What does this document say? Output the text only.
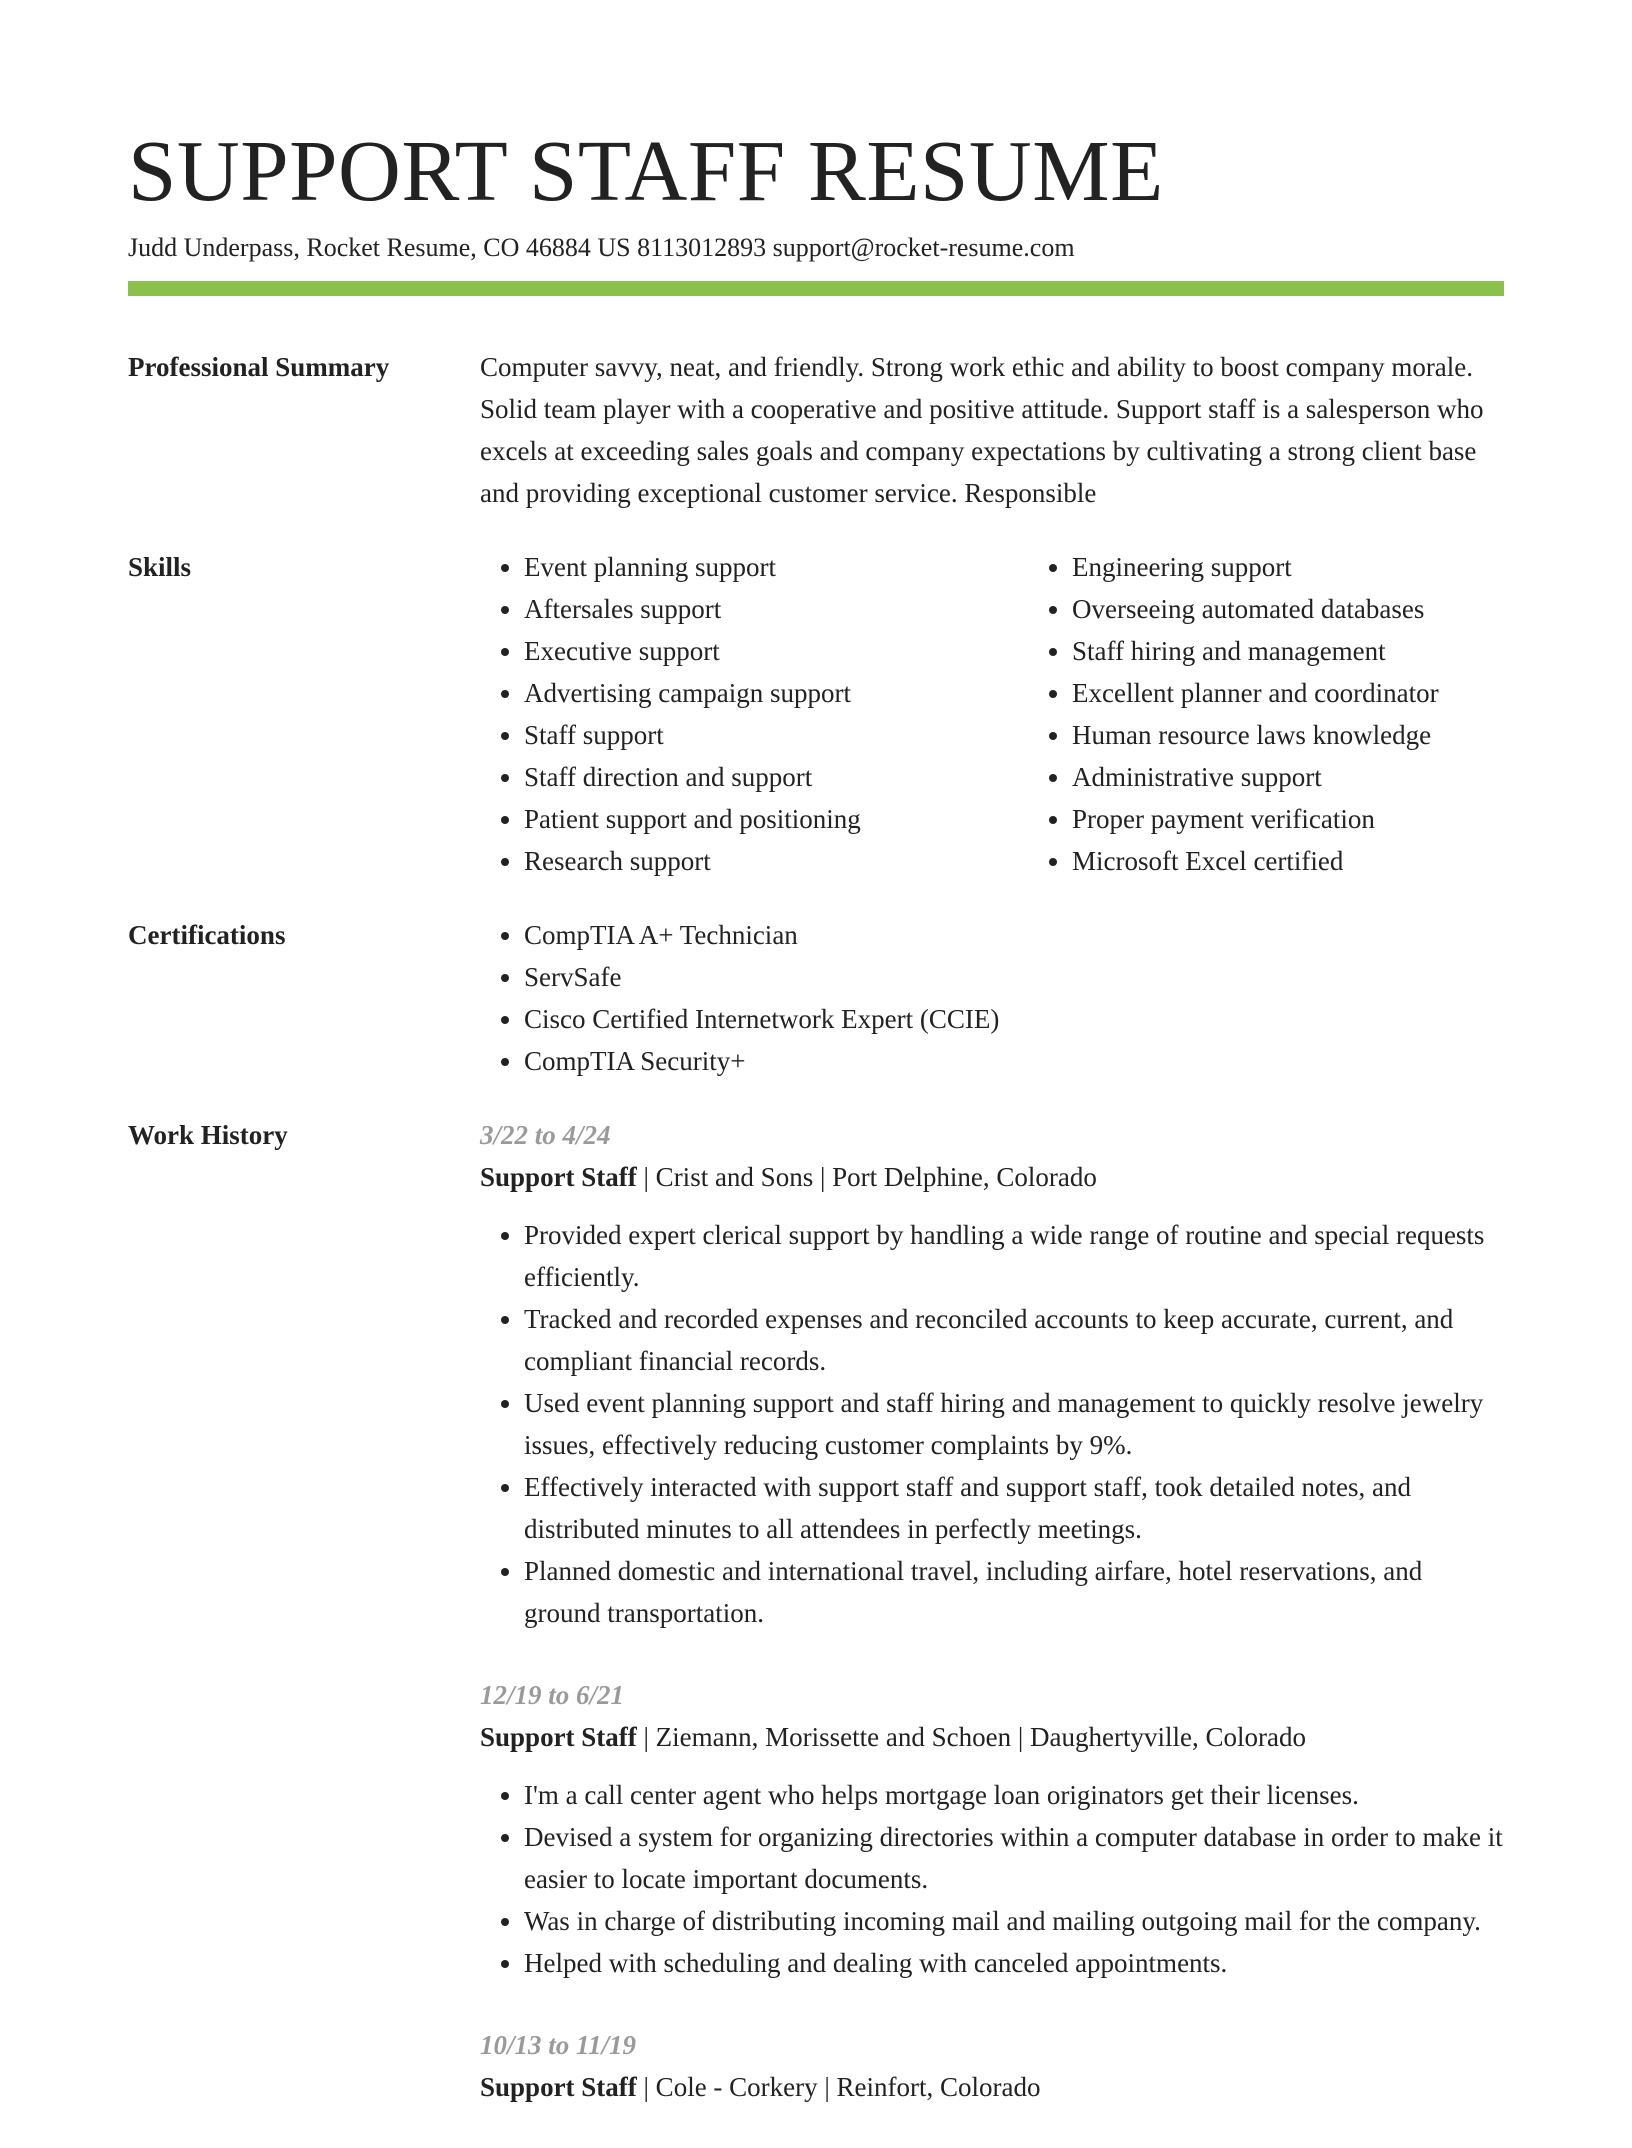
SUPPORT STAFF RESUME
Judd Underpass, Rocket Resume, CO 46884 US 8113012893 support@rocket-resume.com
Professional Summary	Computer savvy, neat, and friendly. Strong work ethic and ability to boost company morale. Solid team player with a cooperative and positive attitude. Support staff is a salesperson who excels at exceeding sales goals and company expectations by cultivating a strong client base and providing exceptional customer service. Responsible
Skills	• Event planning support
• Aftersales support
• Executive support
• Advertising campaign support
• Staff support
• Staff direction and support
• Patient support and positioning
• Research support
• Engineering support
• Overseeing automated databases
• Staff hiring and management
• Excellent planner and coordinator
• Human resource laws knowledge
• Administrative support
• Proper payment verification
• Microsoft Excel certified
Certifications	• CompTIA A+ Technician
• ServSafe
• Cisco Certified Internetwork Expert (CCIE)
• CompTIA Security+
Work History	3/22 to 4/24
Support Staff | Crist and Sons | Port Delphine, Colorado
• Provided expert clerical support by handling a wide range of routine and special requests efficiently.
• Tracked and recorded expenses and reconciled accounts to keep accurate, current, and compliant financial records.
• Used event planning support and staff hiring and management to quickly resolve jewelry issues, effectively reducing customer complaints by 9%.
• Effectively interacted with support staff and support staff, took detailed notes, and distributed minutes to all attendees in perfectly meetings.
• Planned domestic and international travel, including airfare, hotel reservations, and ground transportation.
12/19 to 6/21
Support Staff | Ziemann, Morissette and Schoen | Daughertyville, Colorado
• I'm a call center agent who helps mortgage loan originators get their licenses.
• Devised a system for organizing directories within a computer database in order to make it easier to locate important documents.
• Was in charge of distributing incoming mail and mailing outgoing mail for the company.
• Helped with scheduling and dealing with canceled appointments.
10/13 to 11/19
Support Staff | Cole - Corkery | Reinfort, Colorado
